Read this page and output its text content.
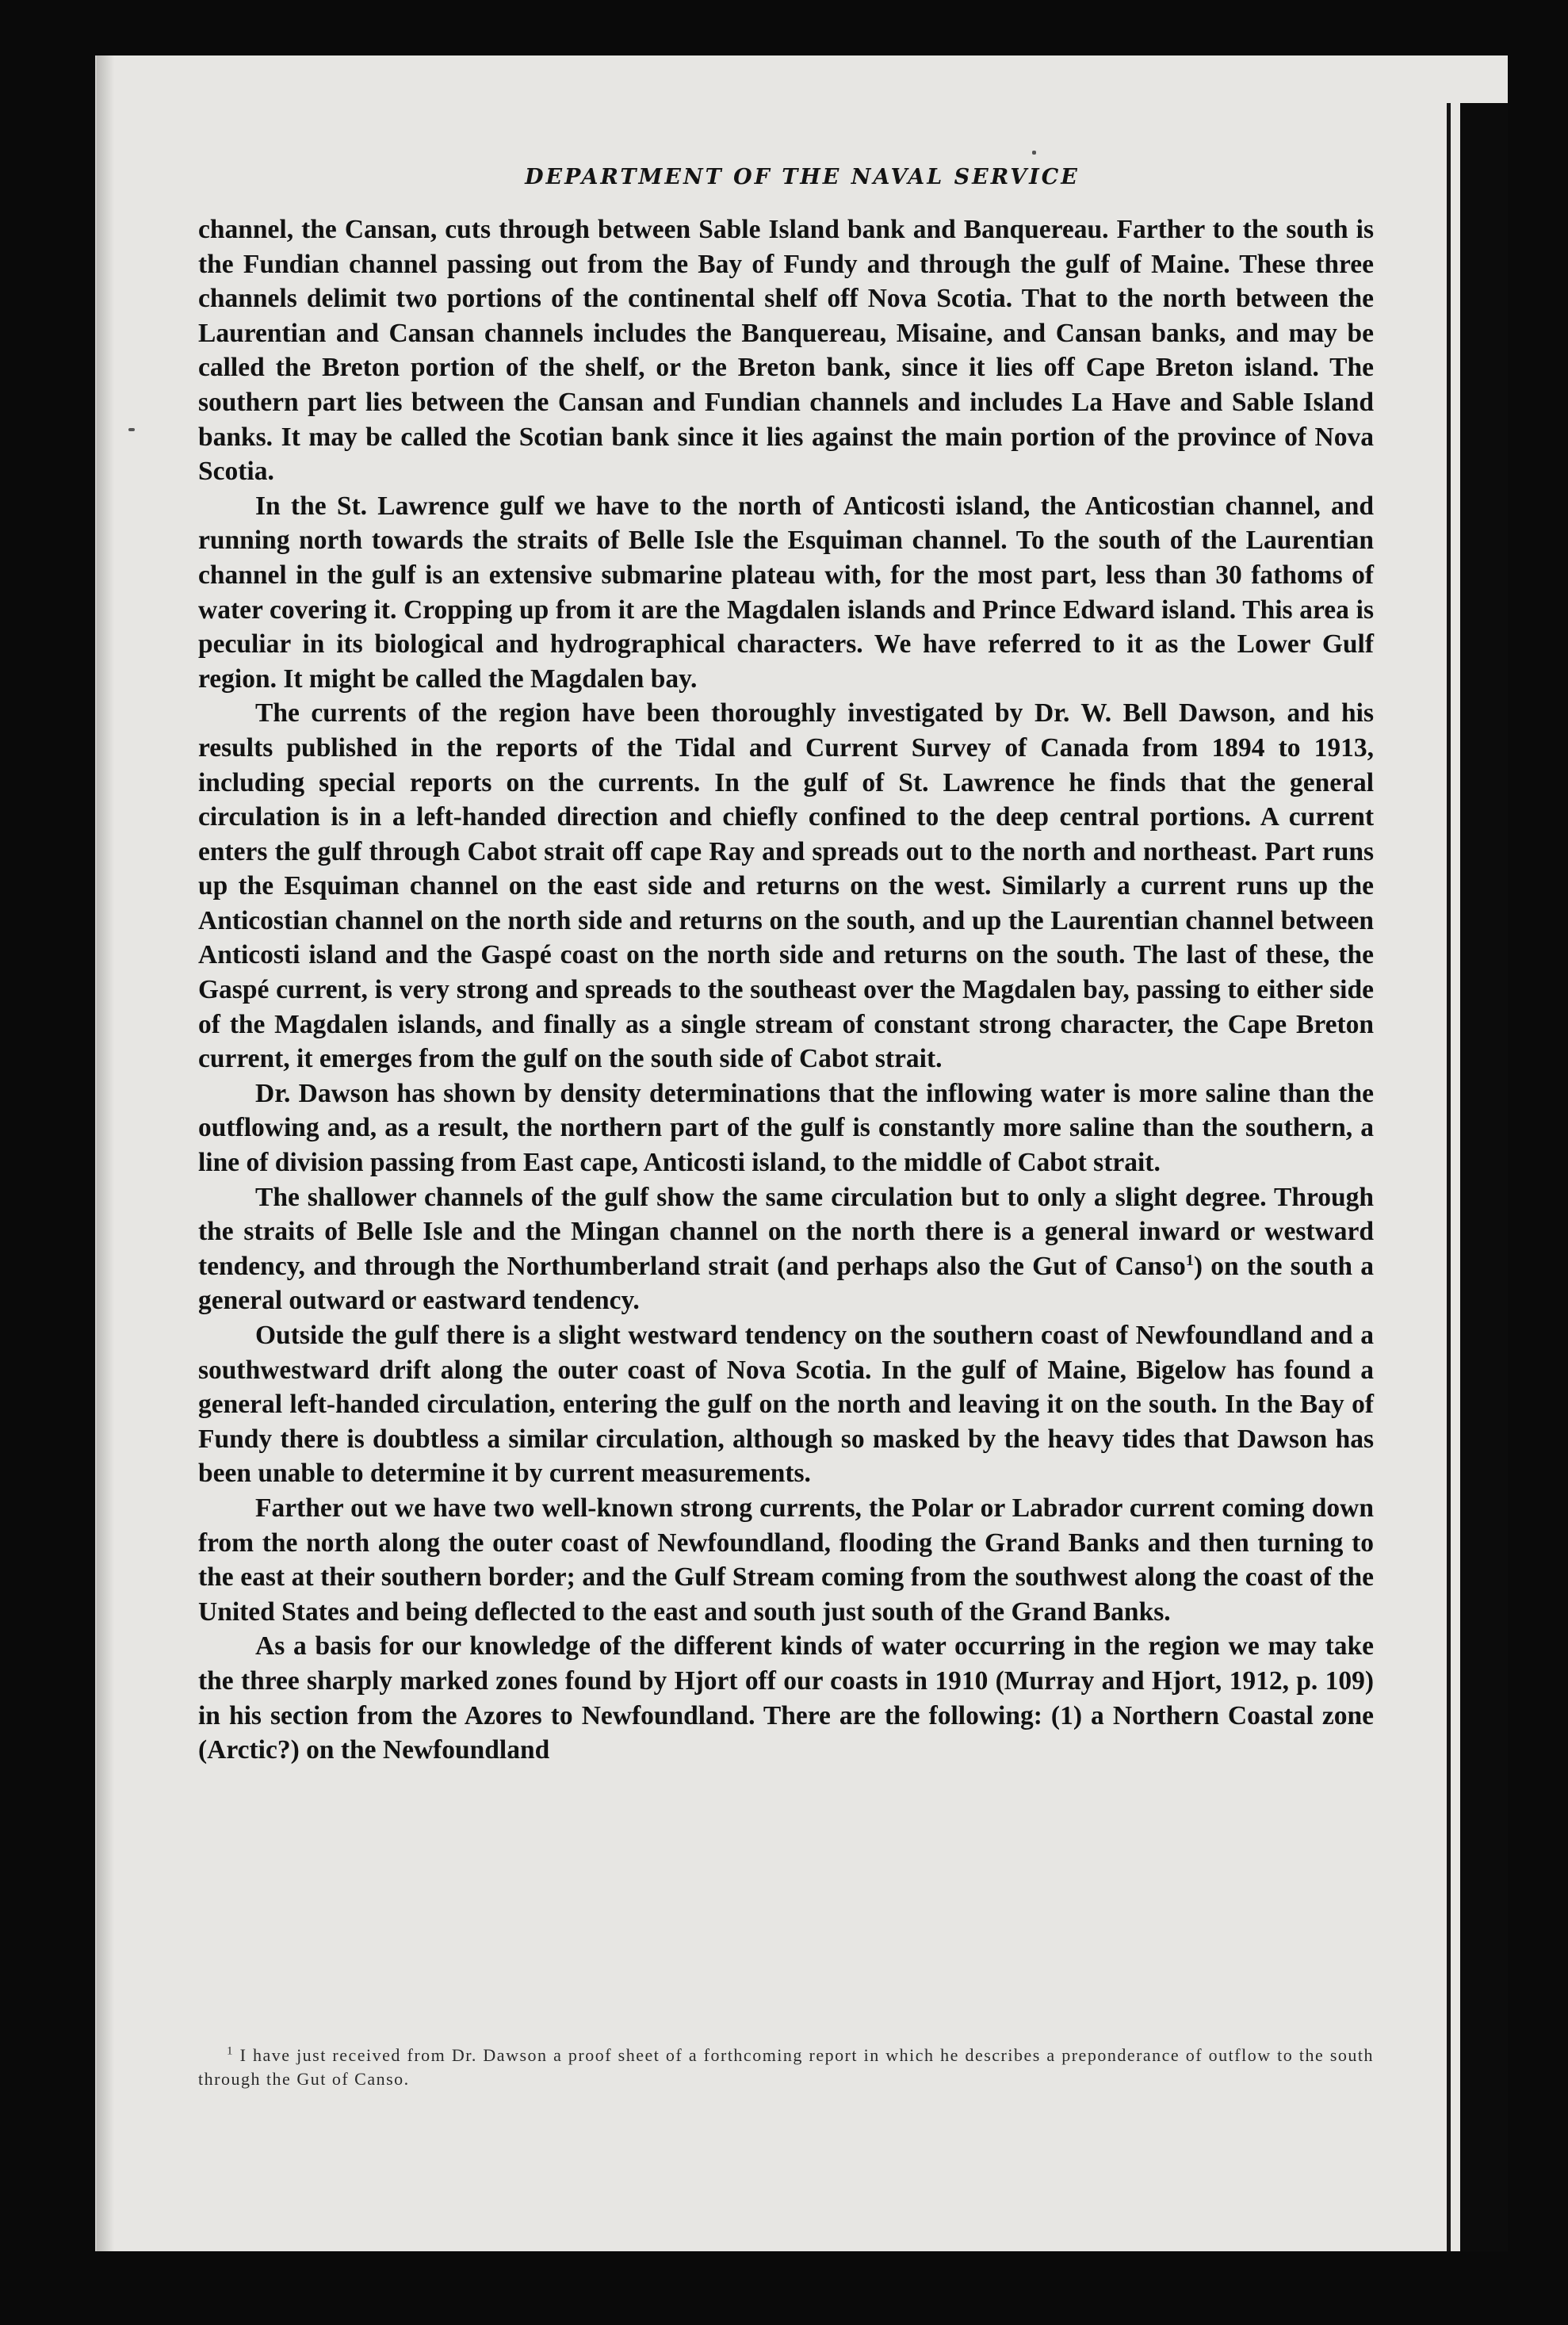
DEPARTMENT OF THE NAVAL SERVICE

channel, the Cansan, cuts through between Sable Island bank and Banquereau. Farther to the south is the Fundian channel passing out from the Bay of Fundy and through the gulf of Maine. These three channels delimit two portions of the continental shelf off Nova Scotia. That to the north between the Laurentian and Cansan channels includes the Banquereau, Misaine, and Cansan banks, and may be called the Breton portion of the shelf, or the Breton bank, since it lies off Cape Breton island. The southern part lies between the Cansan and Fundian channels and includes La Have and Sable Island banks. It may be called the Scotian bank since it lies against the main portion of the province of Nova Scotia.

In the St. Lawrence gulf we have to the north of Anticosti island, the Anticostian channel, and running north towards the straits of Belle Isle the Esquiman channel. To the south of the Laurentian channel in the gulf is an extensive submarine plateau with, for the most part, less than 30 fathoms of water covering it. Cropping up from it are the Magdalen islands and Prince Edward island. This area is peculiar in its biological and hydrographical characters. We have referred to it as the Lower Gulf region. It might be called the Magdalen bay.

The currents of the region have been thoroughly investigated by Dr. W. Bell Dawson, and his results published in the reports of the Tidal and Current Survey of Canada from 1894 to 1913, including special reports on the currents. In the gulf of St. Lawrence he finds that the general circulation is in a left-handed direction and chiefly confined to the deep central portions. A current enters the gulf through Cabot strait off cape Ray and spreads out to the north and northeast. Part runs up the Esquiman channel on the east side and returns on the west. Similarly a current runs up the Anticostian channel on the north side and returns on the south, and up the Laurentian channel between Anticosti island and the Gaspé coast on the north side and returns on the south. The last of these, the Gaspé current, is very strong and spreads to the southeast over the Magdalen bay, passing to either side of the Magdalen islands, and finally as a single stream of constant strong character, the Cape Breton current, it emerges from the gulf on the south side of Cabot strait.

Dr. Dawson has shown by density determinations that the inflowing water is more saline than the outflowing and, as a result, the northern part of the gulf is constantly more saline than the southern, a line of division passing from East cape, Anticosti island, to the middle of Cabot strait.

The shallower channels of the gulf show the same circulation but to only a slight degree. Through the straits of Belle Isle and the Mingan channel on the north there is a general inward or westward tendency, and through the Northumberland strait (and perhaps also the Gut of Canso$^1$) on the south a general outward or eastward tendency.

Outside the gulf there is a slight westward tendency on the southern coast of Newfoundland and a southwestward drift along the outer coast of Nova Scotia. In the gulf of Maine, Bigelow has found a general left-handed circulation, entering the gulf on the north and leaving it on the south. In the Bay of Fundy there is doubtless a similar circulation, although so masked by the heavy tides that Dawson has been unable to determine it by current measurements.

Farther out we have two well-known strong currents, the Polar or Labrador current coming down from the north along the outer coast of Newfoundland, flooding the Grand Banks and then turning to the east at their southern border; and the Gulf Stream coming from the southwest along the coast of the United States and being deflected to the east and south just south of the Grand Banks.

As a basis for our knowledge of the different kinds of water occurring in the region we may take the three sharply marked zones found by Hjort off our coasts in 1910 (Murray and Hjort, 1912, p. 109) in his section from the Azores to Newfoundland. There are the following: (1) a Northern Coastal zone (Arctic?) on the Newfoundland

$^1$ I have just received from Dr. Dawson a proof sheet of a forthcoming report in which he describes a preponderance of outflow to the south through the Gut of Canso.
